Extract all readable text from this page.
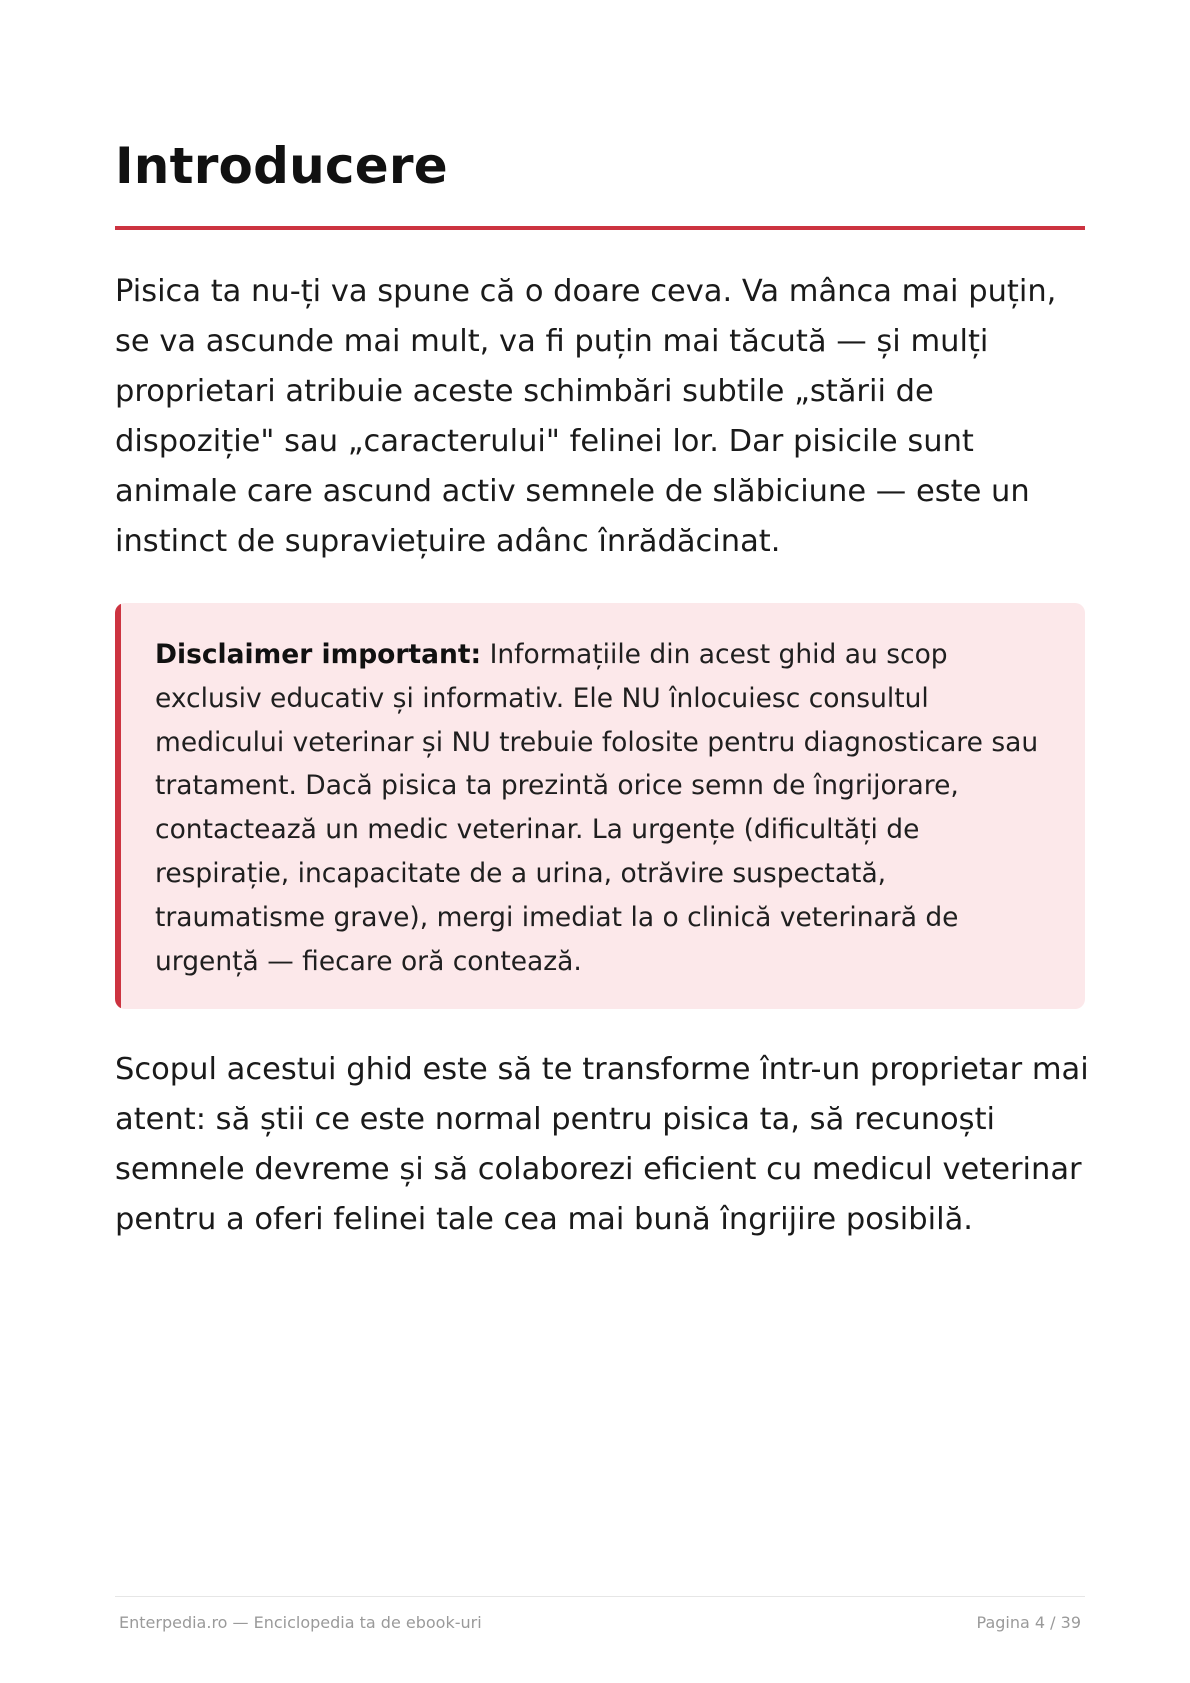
Introducere

Pisica ta nu-ți va spune că o doare ceva. Va mânca mai puțin, se va ascunde mai mult, va fi puțin mai tăcută — și mulți proprietari atribuie aceste schimbări subtile „stării de dispoziție" sau „caracterului" felinei lor. Dar pisicile sunt animale care ascund activ semnele de slăbiciune — este un instinct de supraviețuire adânc înrădăcinat.

Disclaimer important: Informațiile din acest ghid au scop exclusiv educativ și informativ. Ele NU înlocuiesc consultul medicului veterinar și NU trebuie folosite pentru diagnosticare sau tratament. Dacă pisica ta prezintă orice semn de îngrijorare, contactează un medic veterinar. La urgențe (dificultăți de respirație, incapacitate de a urina, otrăvire suspectată, traumatisme grave), mergi imediat la o clinică veterinară de urgență — fiecare oră contează.

Scopul acestui ghid este să te transforme într-un proprietar mai atent: să știi ce este normal pentru pisica ta, să recunoști semnele devreme și să colaborezi eficient cu medicul veterinar pentru a oferi felinei tale cea mai bună îngrijire posibilă.

Enterpedia.ro — Enciclopedia ta de ebook-uri	Pagina 4 / 39
